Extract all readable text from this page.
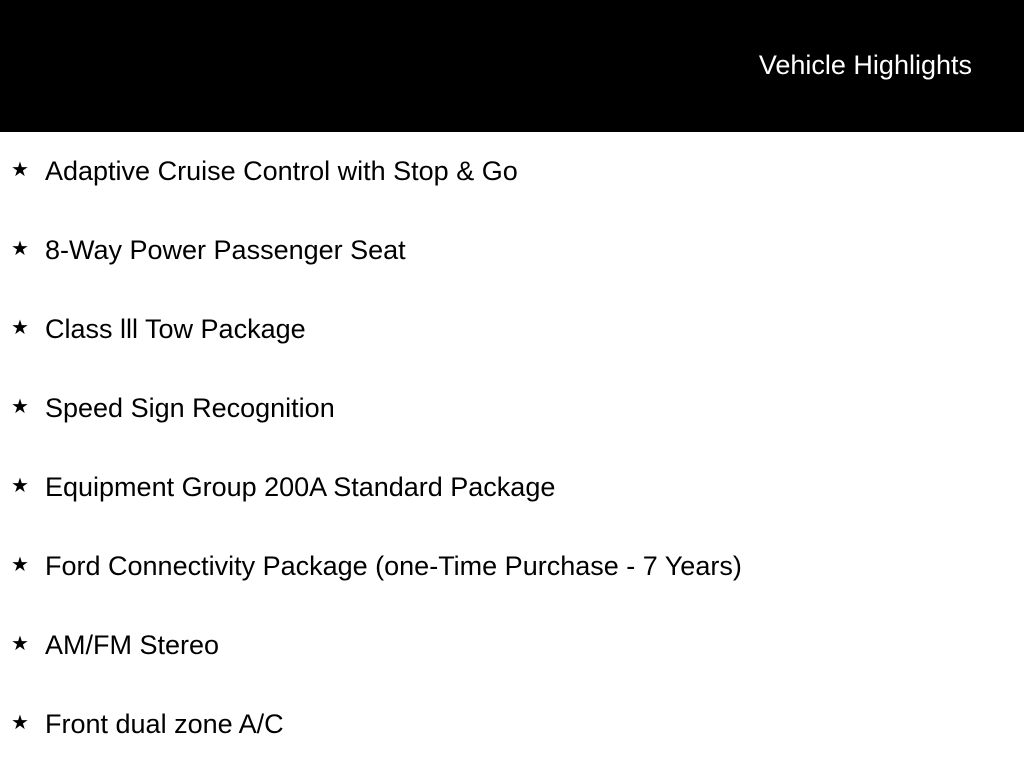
Vehicle Highlights
★ Adaptive Cruise Control with Stop & Go
★ 8-Way Power Passenger Seat
★ Class lll Tow Package
★ Speed Sign Recognition
★ Equipment Group 200A Standard Package
★ Ford Connectivity Package (one-Time Purchase - 7 Years)
★ AM/FM Stereo
★ Front dual zone A/C
